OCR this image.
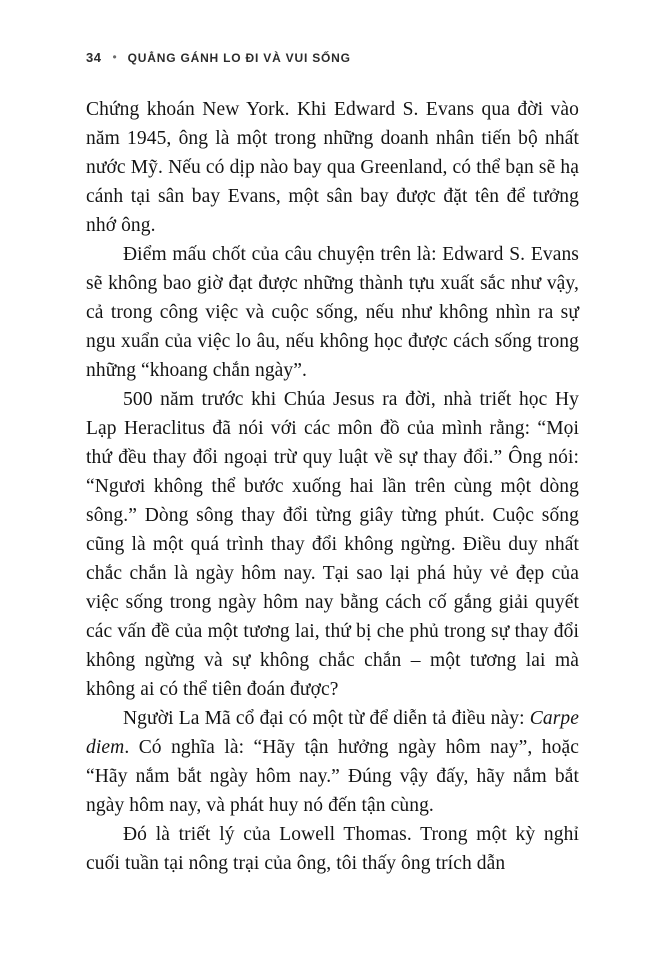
34 • QUẲNG GÁNH LO ĐI VÀ VUI SỐNG

Chứng khoán New York. Khi Edward S. Evans qua đời vào năm 1945, ông là một trong những doanh nhân tiến bộ nhất nước Mỹ. Nếu có dịp nào bay qua Greenland, có thể bạn sẽ hạ cánh tại sân bay Evans, một sân bay được đặt tên để tưởng nhớ ông.

Điểm mấu chốt của câu chuyện trên là: Edward S. Evans sẽ không bao giờ đạt được những thành tựu xuất sắc như vậy, cả trong công việc và cuộc sống, nếu như không nhìn ra sự ngu xuẩn của việc lo âu, nếu không học được cách sống trong những “khoang chắn ngày”.

500 năm trước khi Chúa Jesus ra đời, nhà triết học Hy Lạp Heraclitus đã nói với các môn đồ của mình rằng: “Mọi thứ đều thay đổi ngoại trừ quy luật về sự thay đổi.” Ông nói: “Ngươi không thể bước xuống hai lần trên cùng một dòng sông.” Dòng sông thay đổi từng giây từng phút. Cuộc sống cũng là một quá trình thay đổi không ngừng. Điều duy nhất chắc chắn là ngày hôm nay. Tại sao lại phá hủy vẻ đẹp của việc sống trong ngày hôm nay bằng cách cố gắng giải quyết các vấn đề của một tương lai, thứ bị che phủ trong sự thay đổi không ngừng và sự không chắc chắn – một tương lai mà không ai có thể tiên đoán được?

Người La Mã cổ đại có một từ để diễn tả điều này: Carpe diem. Có nghĩa là: “Hãy tận hưởng ngày hôm nay”, hoặc “Hãy nắm bắt ngày hôm nay.” Đúng vậy đấy, hãy nắm bắt ngày hôm nay, và phát huy nó đến tận cùng.

Đó là triết lý của Lowell Thomas. Trong một kỳ nghỉ cuối tuần tại nông trại của ông, tôi thấy ông trích dẫn
